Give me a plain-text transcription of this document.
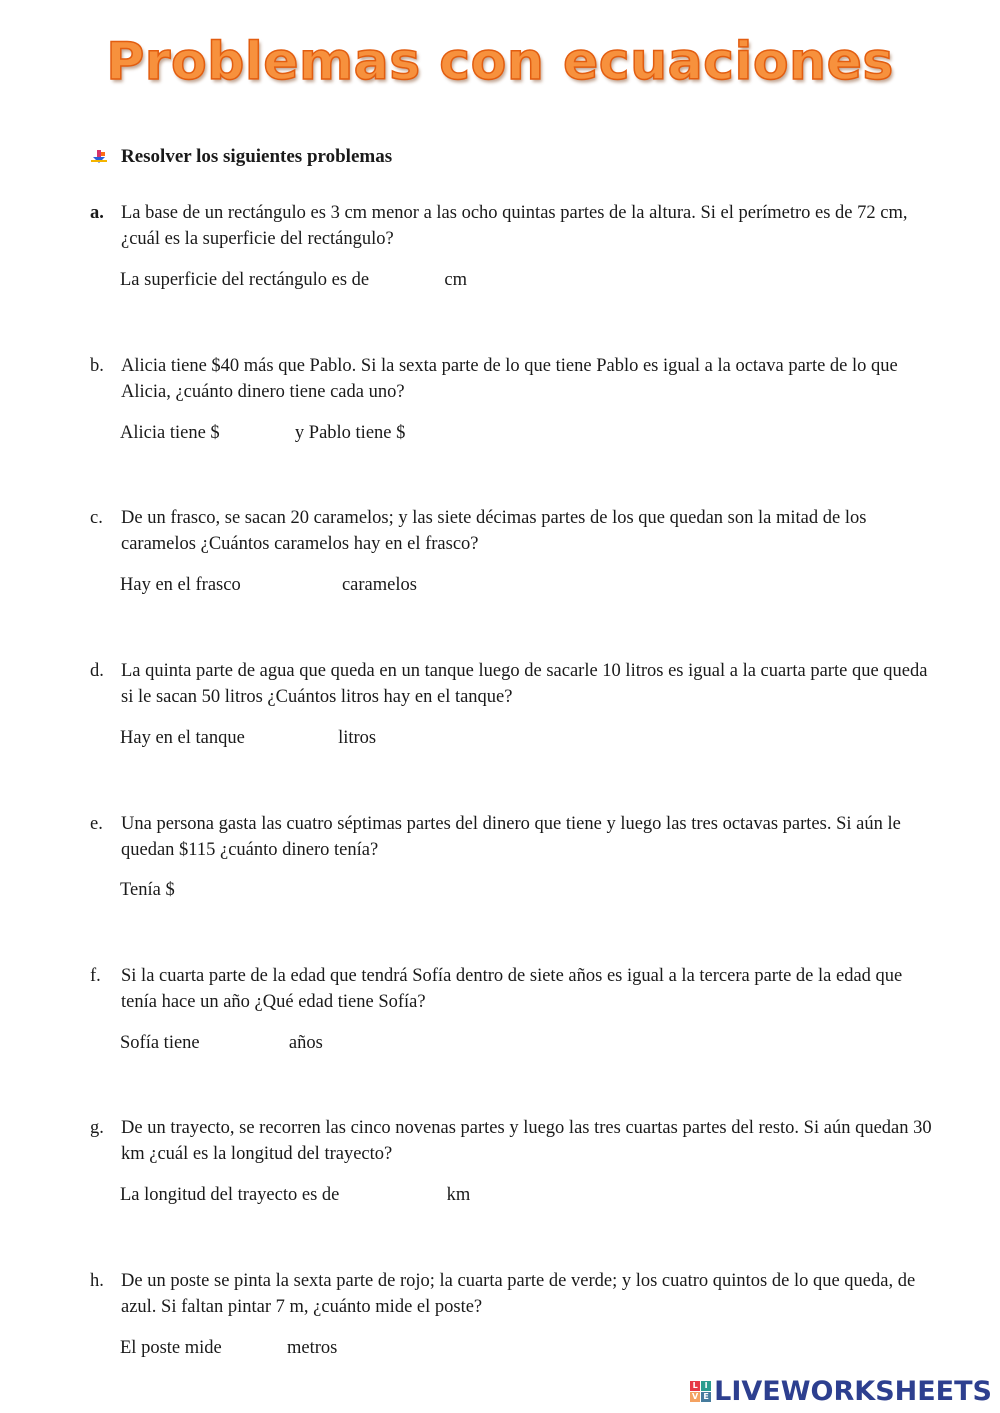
Problemas con ecuaciones
Resolver los siguientes problemas
a. La base de un rectángulo es 3 cm menor a las ocho quintas partes de la altura. Si el perímetro es de 72 cm, ¿cuál es la superficie del rectángulo?
La superficie del rectángulo es de	cm
b. Alicia tiene $40 más que Pablo. Si la sexta parte de lo que tiene Pablo es igual a la octava parte de lo que Alicia, ¿cuánto dinero tiene cada uno?
Alicia tiene $	y Pablo tiene $
c. De un frasco, se sacan 20 caramelos; y las siete décimas partes de los que quedan son la mitad de los caramelos ¿Cuántos caramelos hay en el frasco?
Hay en el frasco	caramelos
d. La quinta parte de agua que queda en un tanque luego de sacarle 10 litros es igual a la cuarta parte que queda si le sacan 50 litros ¿Cuántos litros hay en el tanque?
Hay en el tanque	litros
e. Una persona gasta las cuatro séptimas partes del dinero que tiene y luego las tres octavas partes. Si aún le quedan $115 ¿cuánto dinero tenía?
Tenía $
f.	Si la cuarta parte de la edad que tendrá Sofía dentro de siete años es igual a la tercera parte de la edad que tenía hace un año ¿Qué edad tiene Sofía?
Sofía tiene	años
g. De un trayecto, se recorren las cinco novenas partes y luego las tres cuartas partes del resto. Si aún quedan 30 km ¿cuál es la longitud del trayecto?
La longitud del trayecto es de	km
h. De un poste se pinta la sexta parte de rojo; la cuarta parte de verde; y los cuatro quintos de lo que queda, de azul. Si faltan pintar 7 m, ¿cuánto mide el poste?
El poste mide	metros
L I
V E LIVEWORKSHEETS
